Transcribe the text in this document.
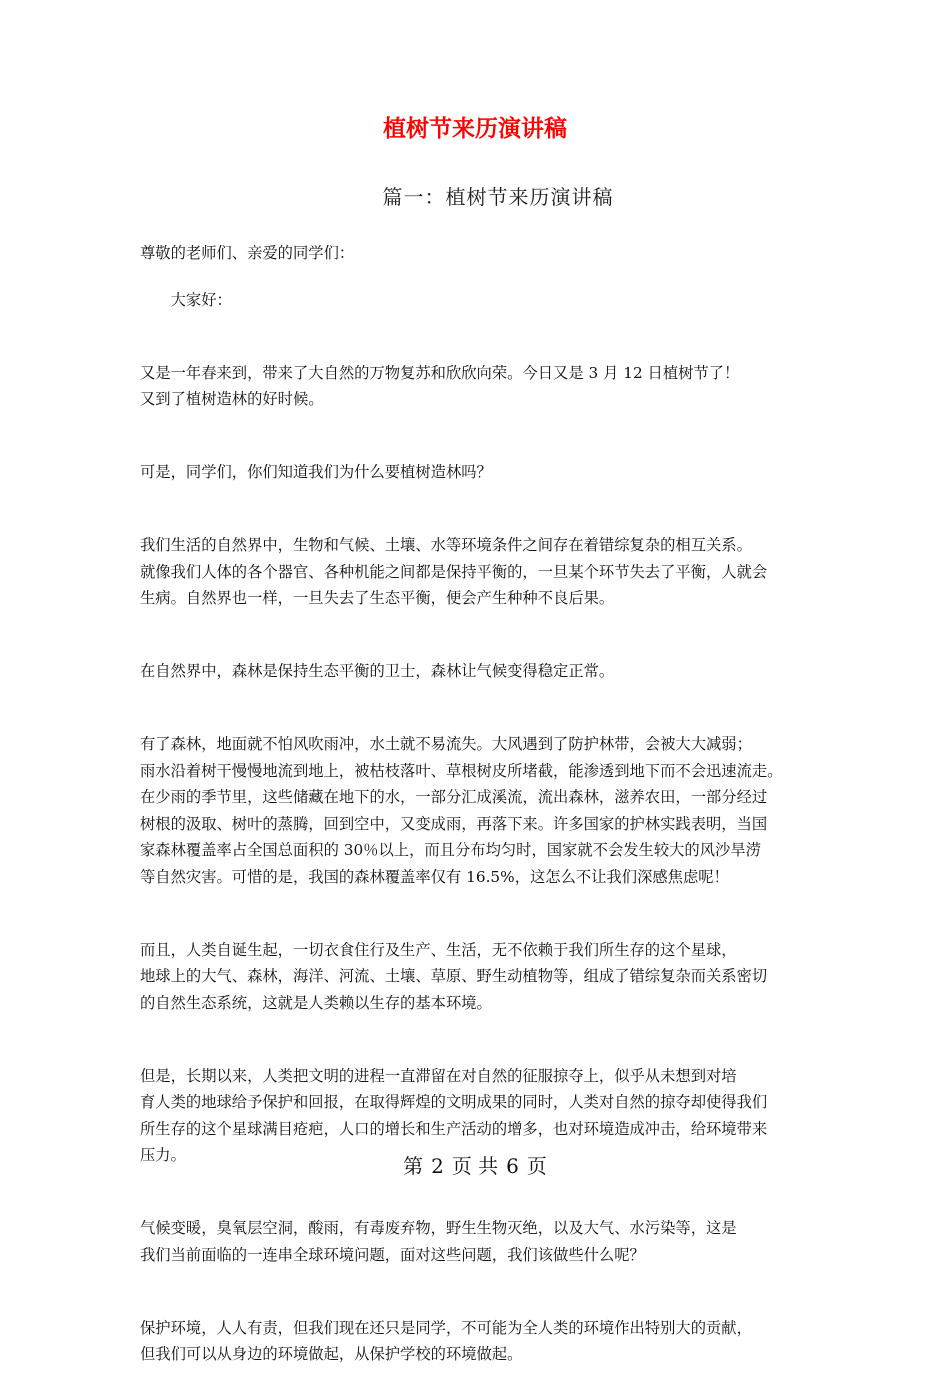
植树节来历演讲稿
篇一：植树节来历演讲稿

尊敬的老师们、亲爱的同学们：

大家好：

又是一年春来到，带来了大自然的万物复苏和欣欣向荣。今日又是 3 月 12 日植树节了！
又到了植树造林的好时候。

可是，同学们，你们知道我们为什么要植树造林吗？

我们生活的自然界中，生物和气候、土壤、水等环境条件之间存在着错综复杂的相互关系。
就像我们人体的各个器官、各种机能之间都是保持平衡的，一旦某个环节失去了平衡，人就会
生病。自然界也一样，一旦失去了生态平衡，便会产生种种不良后果。

在自然界中，森林是保持生态平衡的卫士，森林让气候变得稳定正常。

有了森林，地面就不怕风吹雨冲，水土就不易流失。大风遇到了防护林带，会被大大减弱；
雨水沿着树干慢慢地流到地上，被枯枝落叶、草根树皮所堵截，能渗透到地下而不会迅速流走。
在少雨的季节里，这些储藏在地下的水，一部分汇成溪流，流出森林，滋养农田，一部分经过
树根的汲取、树叶的蒸腾，回到空中，又变成雨，再落下来。许多国家的护林实践表明，当国
家森林覆盖率占全国总面积的 30％以上，而且分布均匀时，国家就不会发生较大的风沙旱涝
等自然灾害。可惜的是，我国的森林覆盖率仅有 16.5%，这怎么不让我们深感焦虑呢！

而且，人类自诞生起，一切衣食住行及生产、生活，无不依赖于我们所生存的这个星球，
地球上的大气、森林，海洋、河流、土壤、草原、野生动植物等，组成了错综复杂而关系密切
的自然生态系统，这就是人类赖以生存的基本环境。

但是，长期以来，人类把文明的进程一直滞留在对自然的征服掠夺上，似乎从未想到对培
育人类的地球给予保护和回报，在取得辉煌的文明成果的同时，人类对自然的掠夺却使得我们
所生存的这个星球满目疮疤，人口的增长和生产活动的增多，也对环境造成冲击，给环境带来
压力。

气候变暖，臭氧层空洞，酸雨，有毒废弃物，野生生物灭绝，以及大气、水污染等，这是
我们当前面临的一连串全球环境问题，面对这些问题，我们该做些什么呢？

保护环境，人人有责，但我们现在还只是同学，不可能为全人类的环境作出特别大的贡献，
但我们可以从身边的环境做起，从保护学校的环境做起。

第 2 页 共 6 页
